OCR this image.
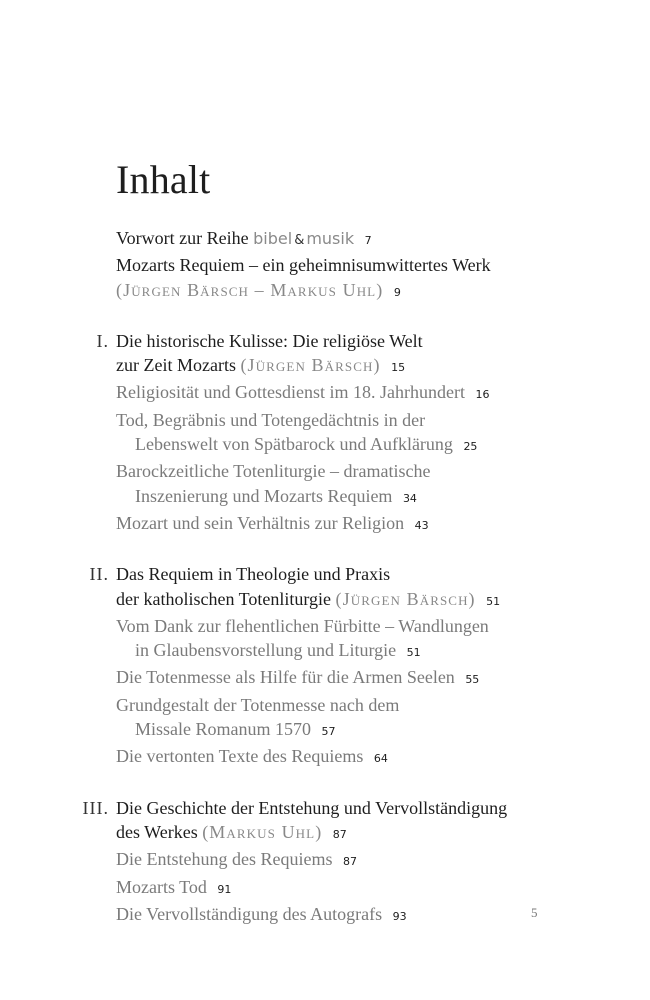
Inhalt
Vorwort zur Reihe bibel & musik 7
Mozarts Requiem – ein geheimnisumwittertes Werk
(Jürgen Bärsch – Markus Uhl) 9
I. Die historische Kulisse: Die religiöse Welt
zur Zeit Mozarts (Jürgen Bärsch) 15
Religiosität und Gottesdienst im 18. Jahrhundert 16
Tod, Begräbnis und Totengedächtnis in der
Lebenswelt von Spätbarock und Aufklärung 25
Barockzeitliche Totenliturgie – dramatische
Inszenierung und Mozarts Requiem 34
Mozart und sein Verhältnis zur Religion 43
II. Das Requiem in Theologie und Praxis
der katholischen Totenliturgie (Jürgen Bärsch) 51
Vom Dank zur flehentlichen Fürbitte – Wandlungen
in Glaubensvorstellung und Liturgie 51
Die Totenmesse als Hilfe für die Armen Seelen 55
Grundgestalt der Totenmesse nach dem
Missale Romanum 1570 57
Die vertonten Texte des Requiems 64
III. Die Geschichte der Entstehung und Vervollständigung
des Werkes (Markus Uhl) 87
Die Entstehung des Requiems 87
Mozarts Tod 91
Die Vervollständigung des Autografs 93	5
